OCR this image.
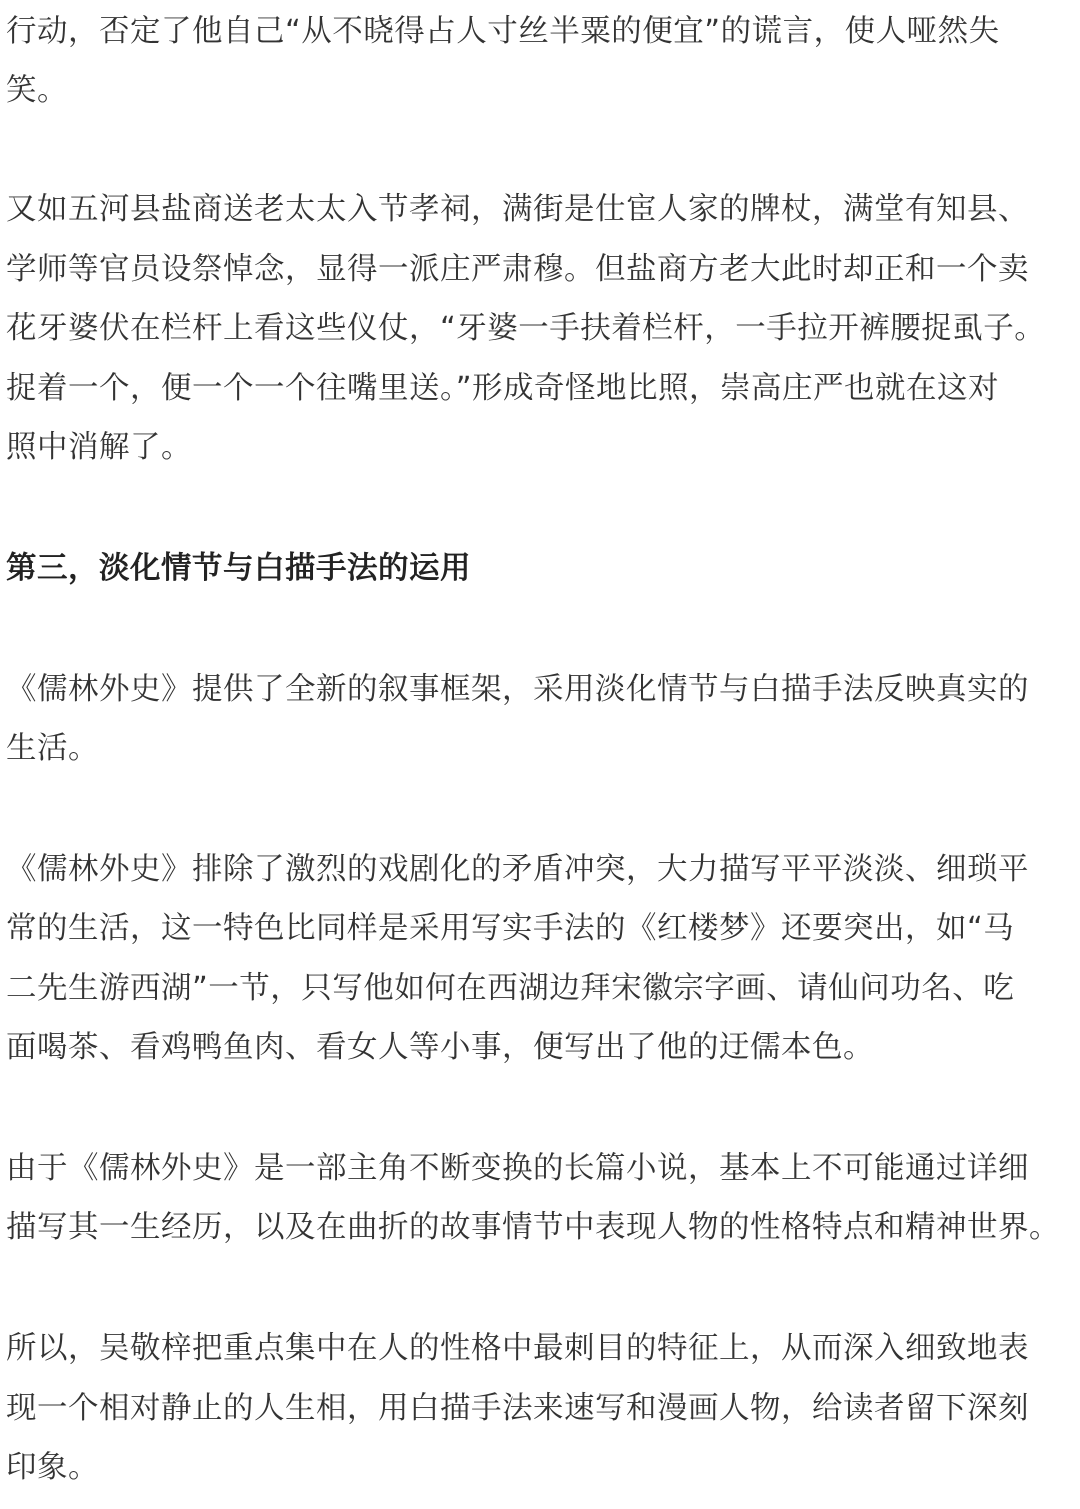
行动，否定了他自己“从不晓得占人寸丝半粟的便宜”的谎言，使人哑然失
笑。
又如五河县盐商送老太太入节孝祠，满街是仕宦人家的牌杖，满堂有知县、
学师等官员设祭悼念，显得一派庄严肃穆。但盐商方老大此时却正和一个卖
花牙婆伏在栏杆上看这些仪仗，“牙婆一手扶着栏杆，一手拉开裤腰捉虱子。
捉着一个，便一个一个往嘴里送。”形成奇怪地比照，崇高庄严也就在这对
照中消解了。
第三，淡化情节与白描手法的运用
《儒林外史》提供了全新的叙事框架，采用淡化情节与白描手法反映真实的
生活。
《儒林外史》排除了激烈的戏剧化的矛盾冲突，大力描写平平淡淡、细琐平
常的生活，这一特色比同样是采用写实手法的《红楼梦》还要突出，如“马
二先生游西湖”一节，只写他如何在西湖边拜宋徽宗字画、请仙问功名、吃
面喝茶、看鸡鸭鱼肉、看女人等小事，便写出了他的迂儒本色。
由于《儒林外史》是一部主角不断变换的长篇小说，基本上不可能通过详细
描写其一生经历，以及在曲折的故事情节中表现人物的性格特点和精神世界。
所以，吴敬梓把重点集中在人的性格中最刺目的特征上，从而深入细致地表
现一个相对静止的人生相，用白描手法来速写和漫画人物，给读者留下深刻
印象。
